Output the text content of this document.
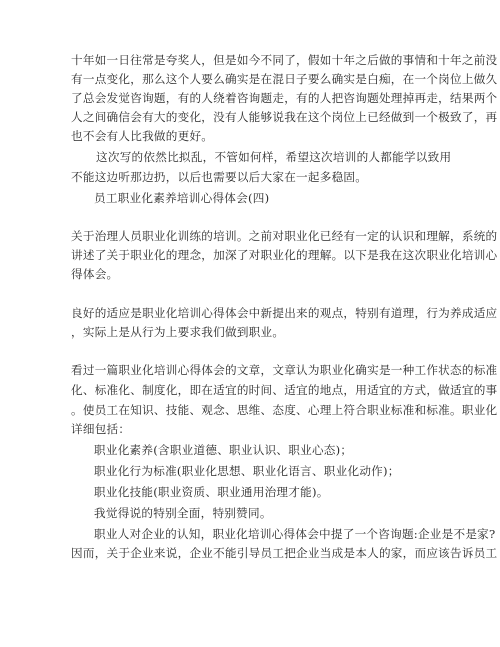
十年如一日往常是夸奖人，但是如今不同了，假如十年之后做的事情和十年之前没
有一点变化，那么这个人要么确实是在混日子要么确实是白痴，在一个岗位上做久
了总会发觉咨询题，有的人绕着咨询题走，有的人把咨询题处理掉再走，结果两个
人之间确信会有大的变化，没有人能够说我在这个岗位上已经做到一个极致了，再
也不会有人比我做的更好。
这次写的依然比拟乱，不管如何样，希望这次培训的人都能学以致用
不能这边听那边扔，以后也需要以后大家在一起多稳固。
员工职业化素养培训心得体会(四)
关于治理人员职业化训练的培训。之前对职业化已经有一定的认识和理解，系统的
讲述了关于职业化的理念，加深了对职业化的理解。以下是我在这次职业化培训心
得体会。
良好的适应是职业化培训心得体会中新提出来的观点，特别有道理，行为养成适应
，实际上是从行为上要求我们做到职业。
看过一篇职业化培训心得体会的文章，文章认为职业化确实是一种工作状态的标准
化、标准化、制度化，即在适宜的时间、适宜的地点，用适宜的方式，做适宜的事
。使员工在知识、技能、观念、思维、态度、心理上符合职业标准和标准。职业化
详细包括：
职业化素养(含职业道德、职业认识、职业心态)；
职业化行为标准(职业化思想、职业化语言、职业化动作)；
职业化技能(职业资质、职业通用治理才能)。
我觉得说的特别全面，特别赞同。
职业人对企业的认知，职业化培训心得体会中提了一个咨询题:企业是不是家?
因而，关于企业来说，企业不能引导员工把企业当成是本人的家，而应该告诉员工
